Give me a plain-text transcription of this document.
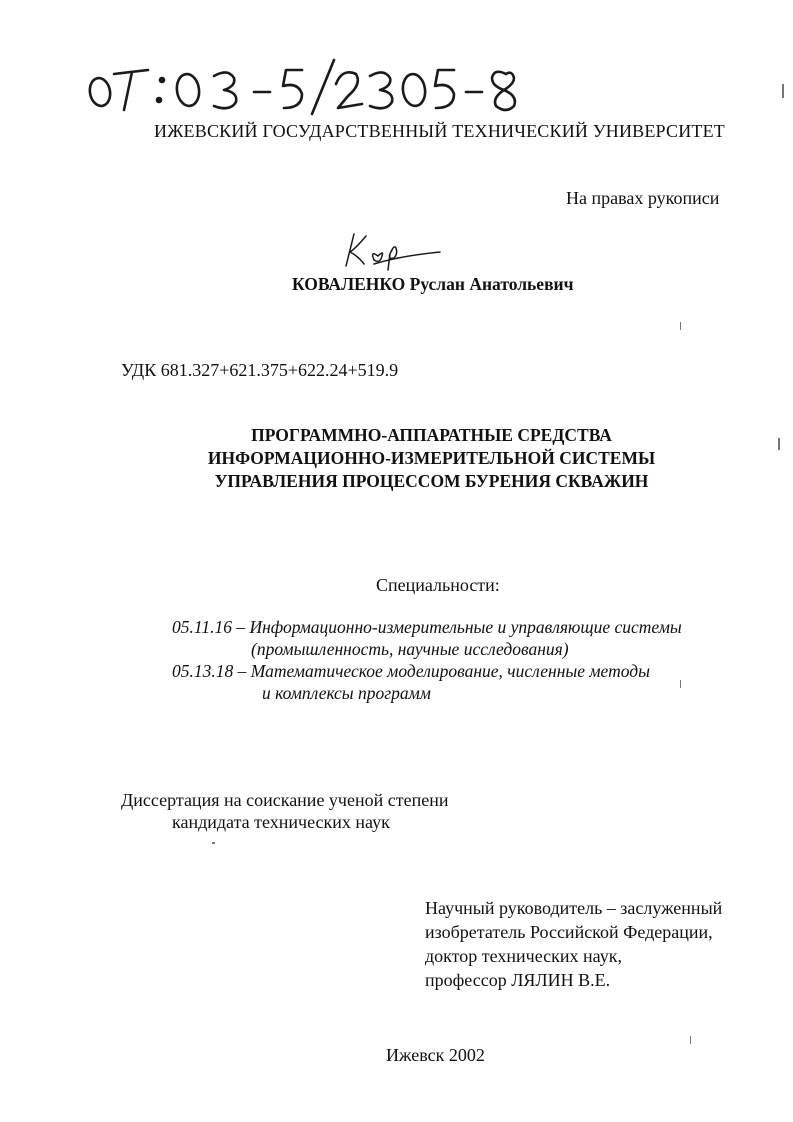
ИЖЕВСКИЙ ГОСУДАРСТВЕННЫЙ ТЕХНИЧЕСКИЙ УНИВЕРСИТЕТ
На правах рукописи
КОВАЛЕНКО Руслан Анатольевич
УДК 681.327+621.375+622.24+519.9
ПРОГРАММНО-АППАРАТНЫЕ СРЕДСТВА
ИНФОРМАЦИОННО-ИЗМЕРИТЕЛЬНОЙ СИСТЕМЫ
УПРАВЛЕНИЯ ПРОЦЕССОМ БУРЕНИЯ СКВАЖИН
Специальности:
05.11.16 – Информационно-измерительные и управляющие системы
(промышленность, научные исследования)
05.13.18 – Математическое моделирование, численные методы
и комплексы программ
Диссертация на соискание ученой степени
кандидата технических наук
Научный руководитель – заслуженный
изобретатель Российской Федерации,
доктор технических наук,
профессор ЛЯЛИН В.Е.
Ижевск 2002
